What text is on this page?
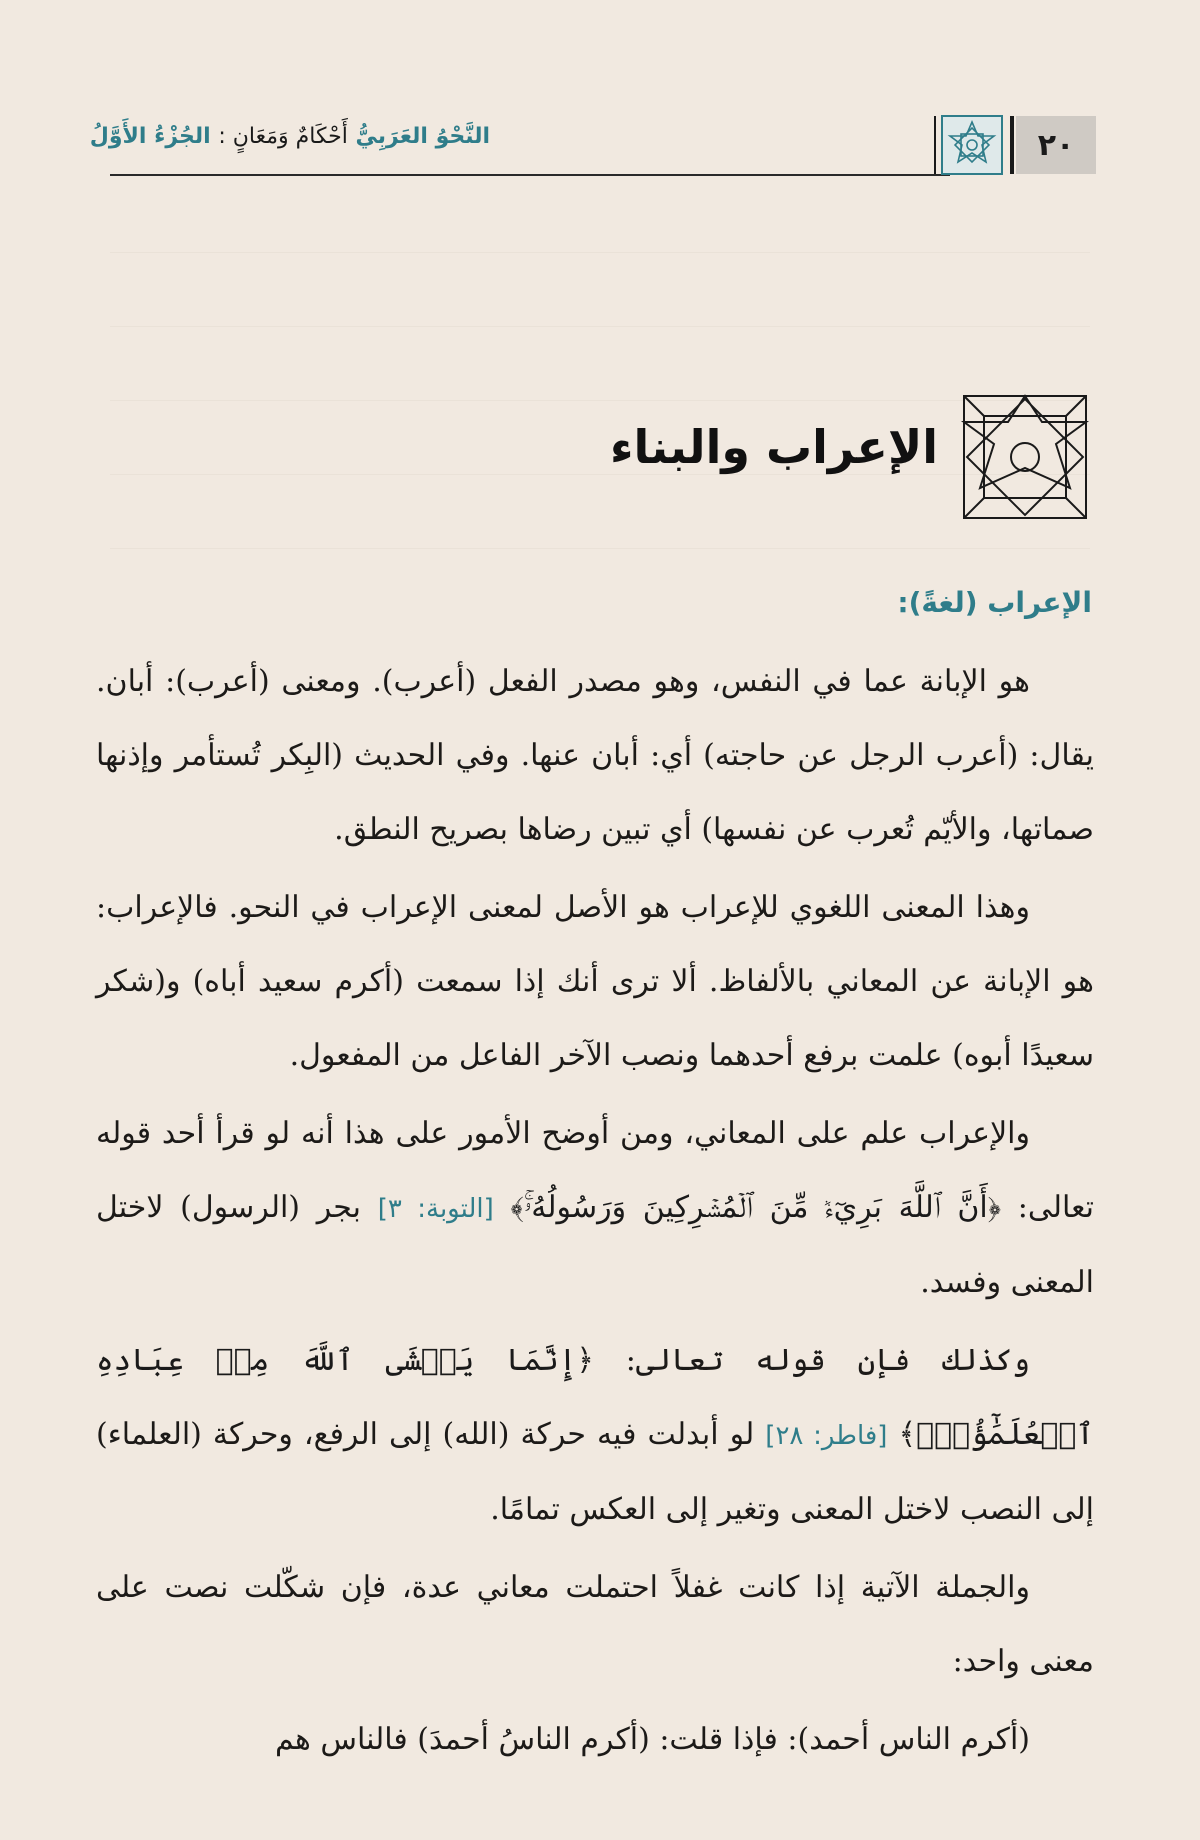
النَّحْوُ العَرَبِيُّ أَحْكَامٌ وَمَعَانٍ : الجُزْءُ الأَوَّلُ	٢٠
الإعراب والبناء
الإعراب (لغةً):

هو الإبانة عما في النفس، وهو مصدر الفعل (أعرب). ومعنى (أعرب): أبان. يقال: (أعرب الرجل عن حاجته) أي: أبان عنها. وفي الحديث (البِكر تُستأمر وإذنها صماتها، والأيّم تُعرب عن نفسها) أي تبين رضاها بصريح النطق.

وهذا المعنى اللغوي للإعراب هو الأصل لمعنى الإعراب في النحو. فالإعراب: هو الإبانة عن المعاني بالألفاظ. ألا ترى أنك إذا سمعت (أكرم سعيد أباه) و(شكر سعيدًا أبوه) علمت برفع أحدهما ونصب الآخر الفاعل من المفعول.

والإعراب علم على المعاني، ومن أوضح الأمور على هذا أنه لو قرأ أحد قوله تعالى: ﴿أَنَّ ٱللَّهَ بَرِيٓءٞ مِّنَ ٱلۡمُشۡرِكِينَ وَرَسُولُهُۥۚ﴾ [التوبة: ٣] بجر (الرسول) لاختل المعنى وفسد.

وكذلك فإن قوله تعالى: ﴿إِنَّمَا يَخۡشَى ٱللَّهَ مِنۡ عِبَادِهِ ٱلۡعُلَمَٰٓؤُاْۗ﴾ [فاطر: ٢٨] لو أبدلت فيه حركة (الله) إلى الرفع، وحركة (العلماء) إلى النصب لاختل المعنى وتغير إلى العكس تمامًا.

والجملة الآتية إذا كانت غفلاً احتملت معاني عدة، فإن شكّلت نصت على معنى واحد:

(أكرم الناس أحمد): فإذا قلت: (أكرم الناسُ أحمدَ) فالناس هم
